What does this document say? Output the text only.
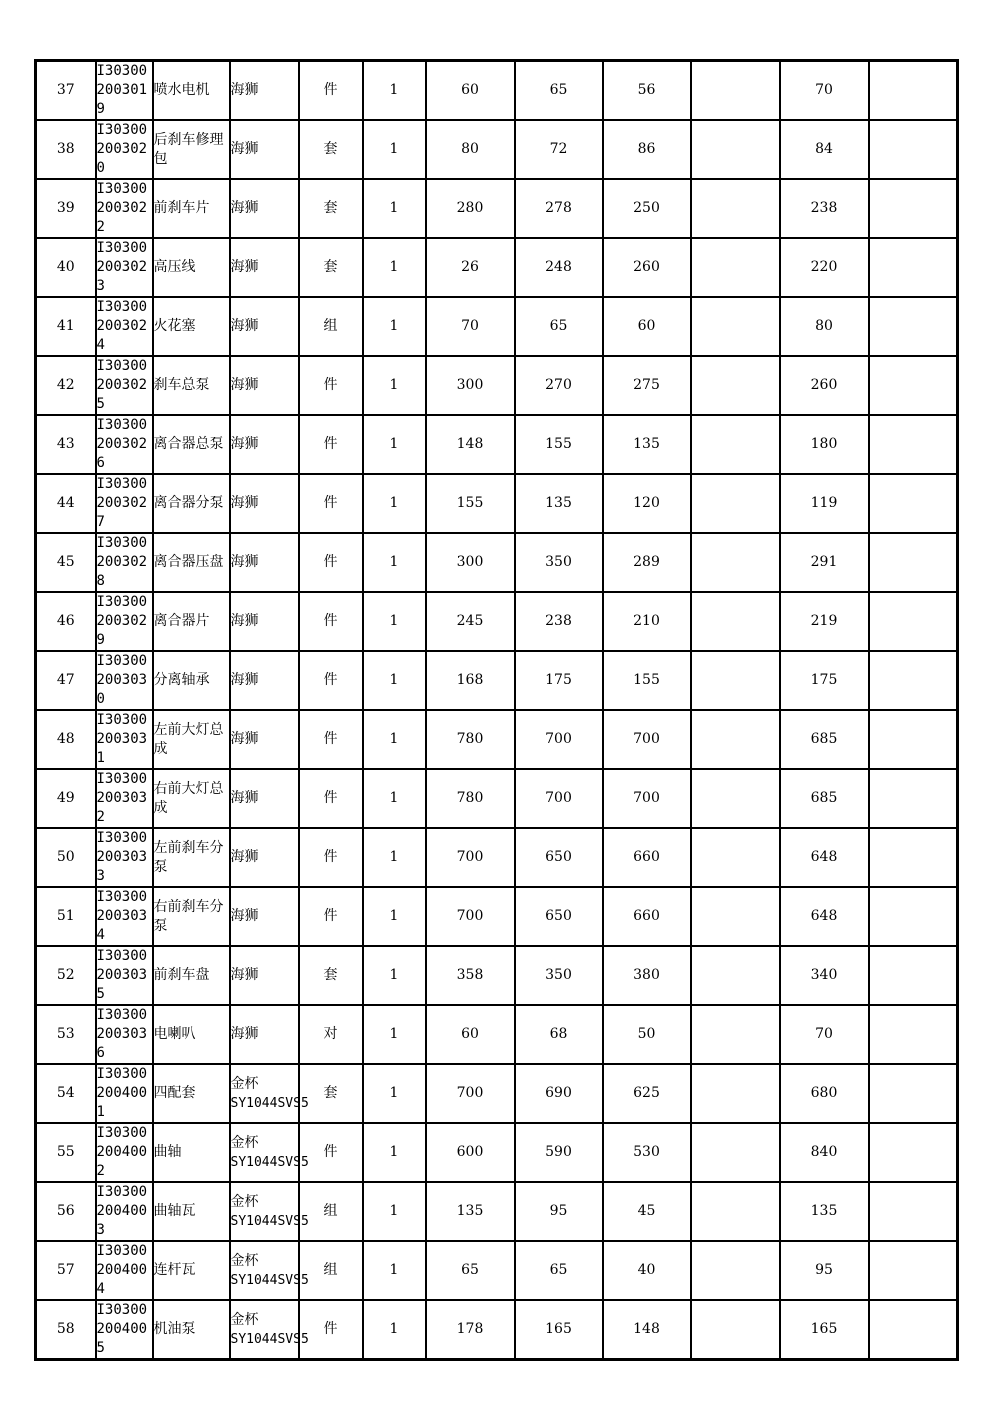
37	I303002003019	喷水电机	海狮	件	1	60	65	56		70	
38	I303002003020	后刹车修理包	海狮	套	1	80	72	86		84	
39	I303002003022	前刹车片	海狮	套	1	280	278	250		238	
40	I303002003023	高压线	海狮	套	1	26	248	260		220	
41	I303002003024	火花塞	海狮	组	1	70	65	60		80	
42	I303002003025	刹车总泵	海狮	件	1	300	270	275		260	
43	I303002003026	离合器总泵	海狮	件	1	148	155	135		180	
44	I303002003027	离合器分泵	海狮	件	1	155	135	120		119	
45	I303002003028	离合器压盘	海狮	件	1	300	350	289		291	
46	I303002003029	离合器片	海狮	件	1	245	238	210		219	
47	I303002003030	分离轴承	海狮	件	1	168	175	155		175	
48	I303002003031	左前大灯总成	海狮	件	1	780	700	700		685	
49	I303002003032	右前大灯总成	海狮	件	1	780	700	700		685	
50	I303002003033	左前刹车分泵	海狮	件	1	700	650	660		648	
51	I303002003034	右前刹车分泵	海狮	件	1	700	650	660		648	
52	I303002003035	前刹车盘	海狮	套	1	358	350	380		340	
53	I303002003036	电喇叭	海狮	对	1	60	68	50		70	
54	I303002004001	四配套	金杯
SY1044SVS5	套	1	700	690	625		680	
55	I303002004002	曲轴	金杯
SY1044SVS5	件	1	600	590	530		840	
56	I303002004003	曲轴瓦	金杯
SY1044SVS5	组	1	135	95	45		135	
57	I303002004004	连杆瓦	金杯
SY1044SVS5	组	1	65	65	40		95	
58	I303002004005	机油泵	金杯
SY1044SVS5	件	1	178	165	148		165	
